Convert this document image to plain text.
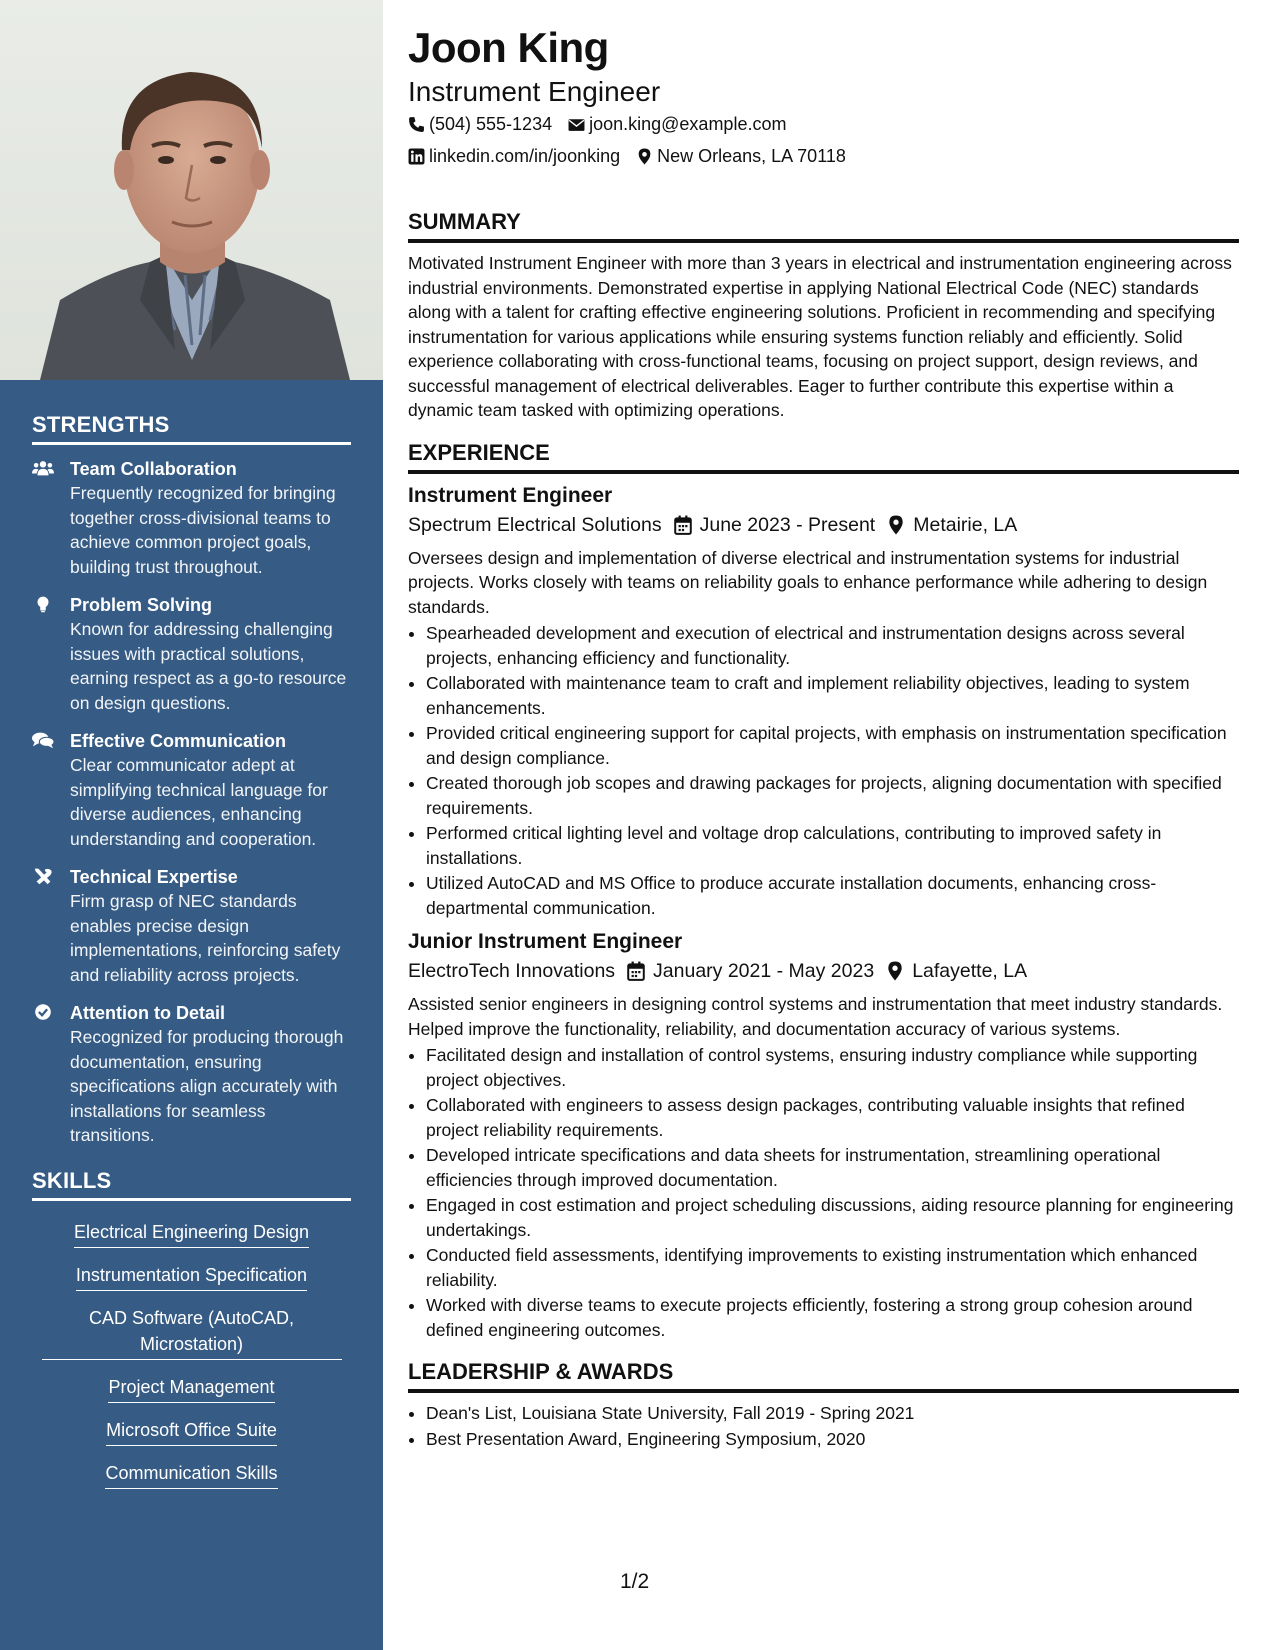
STRENGTHS
Team Collaboration
Frequently recognized for bringing together cross-divisional teams to achieve common project goals, building trust throughout.
Problem Solving
Known for addressing challenging issues with practical solutions, earning respect as a go-to resource on design questions.
Effective Communication
Clear communicator adept at simplifying technical language for diverse audiences, enhancing understanding and cooperation.
Technical Expertise
Firm grasp of NEC standards enables precise design implementations, reinforcing safety and reliability across projects.
Attention to Detail
Recognized for producing thorough documentation, ensuring specifications align accurately with installations for seamless transitions.
SKILLS
Electrical Engineering Design
Instrumentation Specification
CAD Software (AutoCAD, Microstation)
Project Management
Microsoft Office Suite
Communication Skills
Joon King
Instrument Engineer
(504) 555-1234 joon.king@example.com
linkedin.com/in/joonking New Orleans, LA 70118
SUMMARY
Motivated Instrument Engineer with more than 3 years in electrical and instrumentation engineering across industrial environments. Demonstrated expertise in applying National Electrical Code (NEC) standards along with a talent for crafting effective engineering solutions. Proficient in recommending and specifying instrumentation for various applications while ensuring systems function reliably and efficiently. Solid experience collaborating with cross-functional teams, focusing on project support, design reviews, and successful management of electrical deliverables. Eager to further contribute this expertise within a dynamic team tasked with optimizing operations.
EXPERIENCE
Instrument Engineer
Spectrum Electrical Solutions June 2023 - Present Metairie, LA
Oversees design and implementation of diverse electrical and instrumentation systems for industrial projects. Works closely with teams on reliability goals to enhance performance while adhering to design standards.
• Spearheaded development and execution of electrical and instrumentation designs across several projects, enhancing efficiency and functionality.
• Collaborated with maintenance team to craft and implement reliability objectives, leading to system enhancements.
• Provided critical engineering support for capital projects, with emphasis on instrumentation specification and design compliance.
• Created thorough job scopes and drawing packages for projects, aligning documentation with specified requirements.
• Performed critical lighting level and voltage drop calculations, contributing to improved safety in installations.
• Utilized AutoCAD and MS Office to produce accurate installation documents, enhancing cross-departmental communication.
Junior Instrument Engineer
ElectroTech Innovations January 2021 - May 2023 Lafayette, LA
Assisted senior engineers in designing control systems and instrumentation that meet industry standards. Helped improve the functionality, reliability, and documentation accuracy of various systems.
• Facilitated design and installation of control systems, ensuring industry compliance while supporting project objectives.
• Collaborated with engineers to assess design packages, contributing valuable insights that refined project reliability requirements.
• Developed intricate specifications and data sheets for instrumentation, streamlining operational efficiencies through improved documentation.
• Engaged in cost estimation and project scheduling discussions, aiding resource planning for engineering undertakings.
• Conducted field assessments, identifying improvements to existing instrumentation which enhanced reliability.
• Worked with diverse teams to execute projects efficiently, fostering a strong group cohesion around defined engineering outcomes.
LEADERSHIP & AWARDS
• Dean's List, Louisiana State University, Fall 2019 - Spring 2021
• Best Presentation Award, Engineering Symposium, 2020
1/2
